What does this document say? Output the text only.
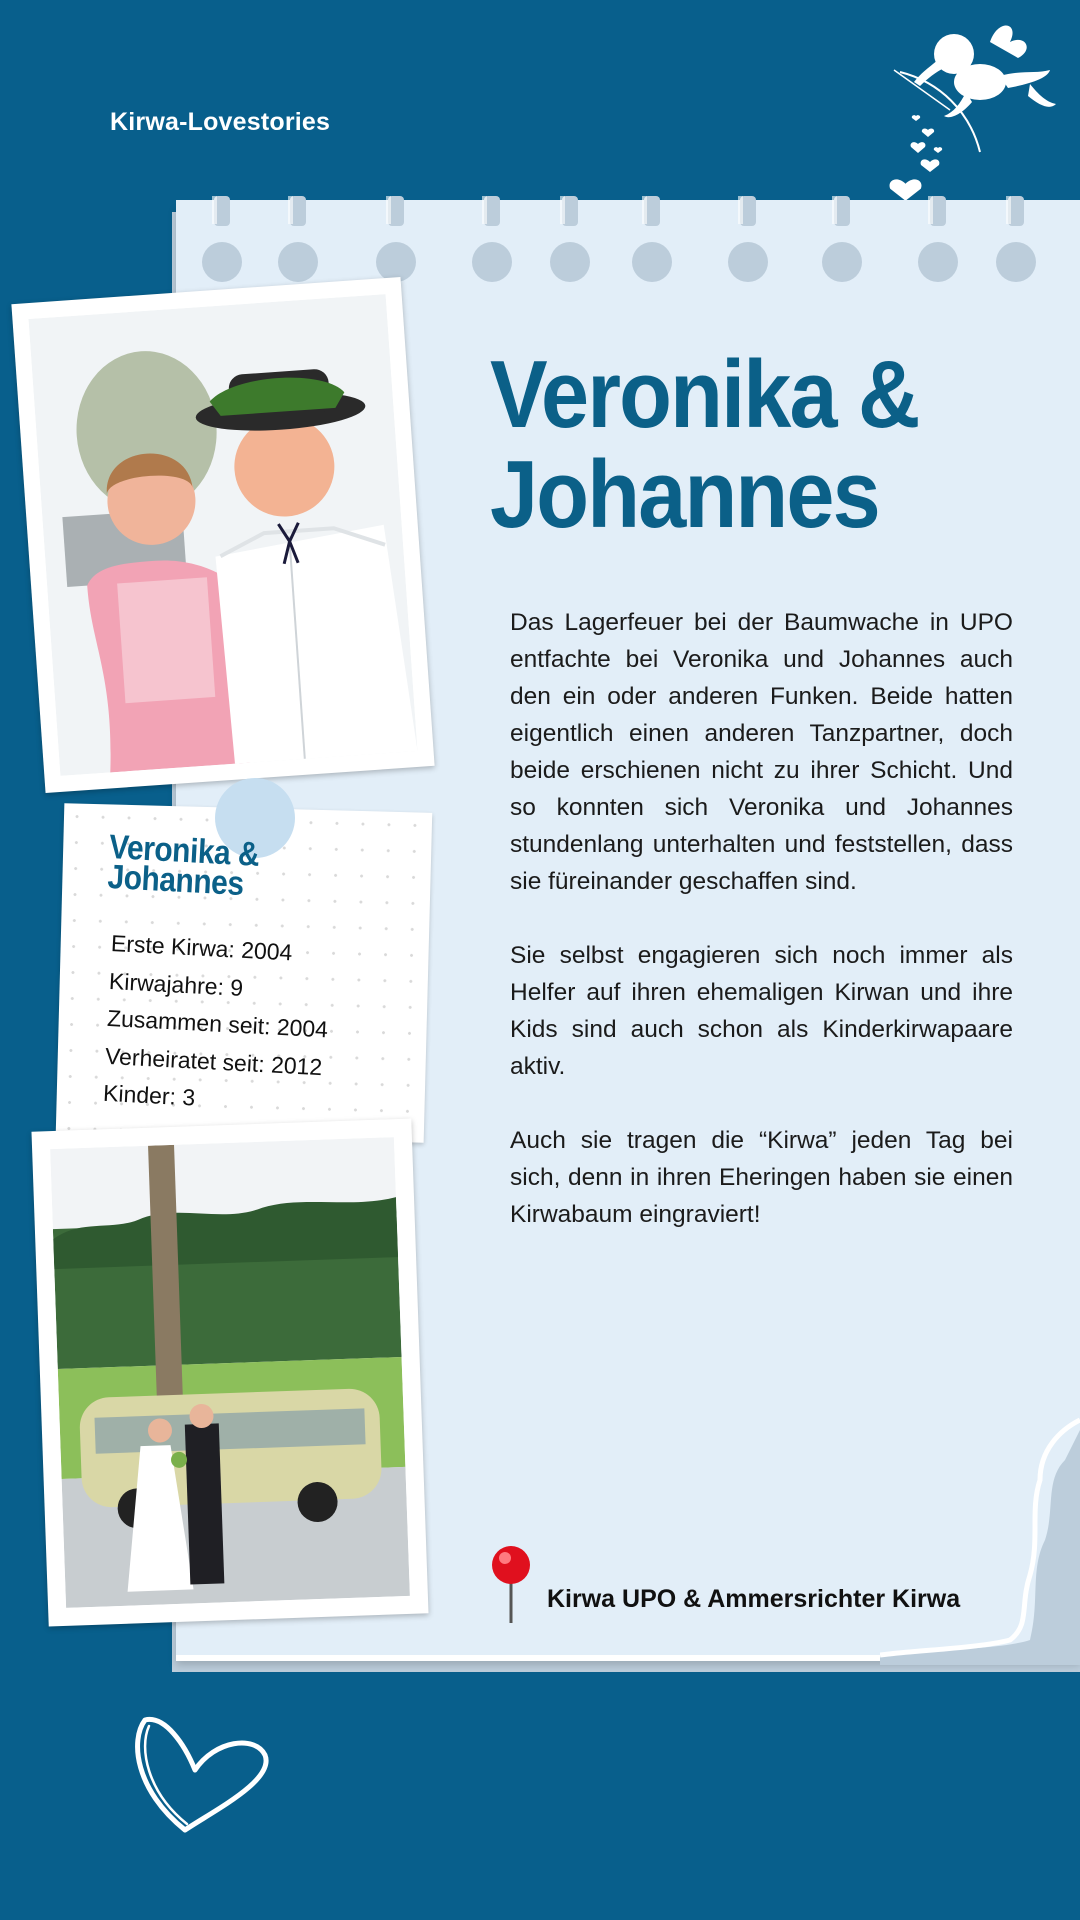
Kirwa-Lovestories
Veronika & Johannes

Das Lagerfeuer bei der Baumwache in UPO entfachte bei Veronika und Johannes auch den ein oder anderen Funken. Beide hatten eigentlich einen anderen Tanzpartner, doch beide erschienen nicht zu ihrer Schicht. Und so konnten sich Veronika und Johannes stundenlang unterhalten und feststellen, dass sie füreinander geschaffen sind.

Sie selbst engagieren sich noch immer als Helfer auf ihren ehemaligen Kirwan und ihre Kids sind auch schon als Kinderkirwapaare aktiv.

Auch sie tragen die “Kirwa” jeden Tag bei sich, denn in ihren Eheringen haben sie einen Kirwabaum eingraviert!

Kirwa UPO & Ammersrichter Kirwa
Veronika & Johannes
Erste Kirwa: 2004
Kirwajahre: 9
Zusammen seit: 2004
Verheiratet seit: 2012
Kinder: 3
